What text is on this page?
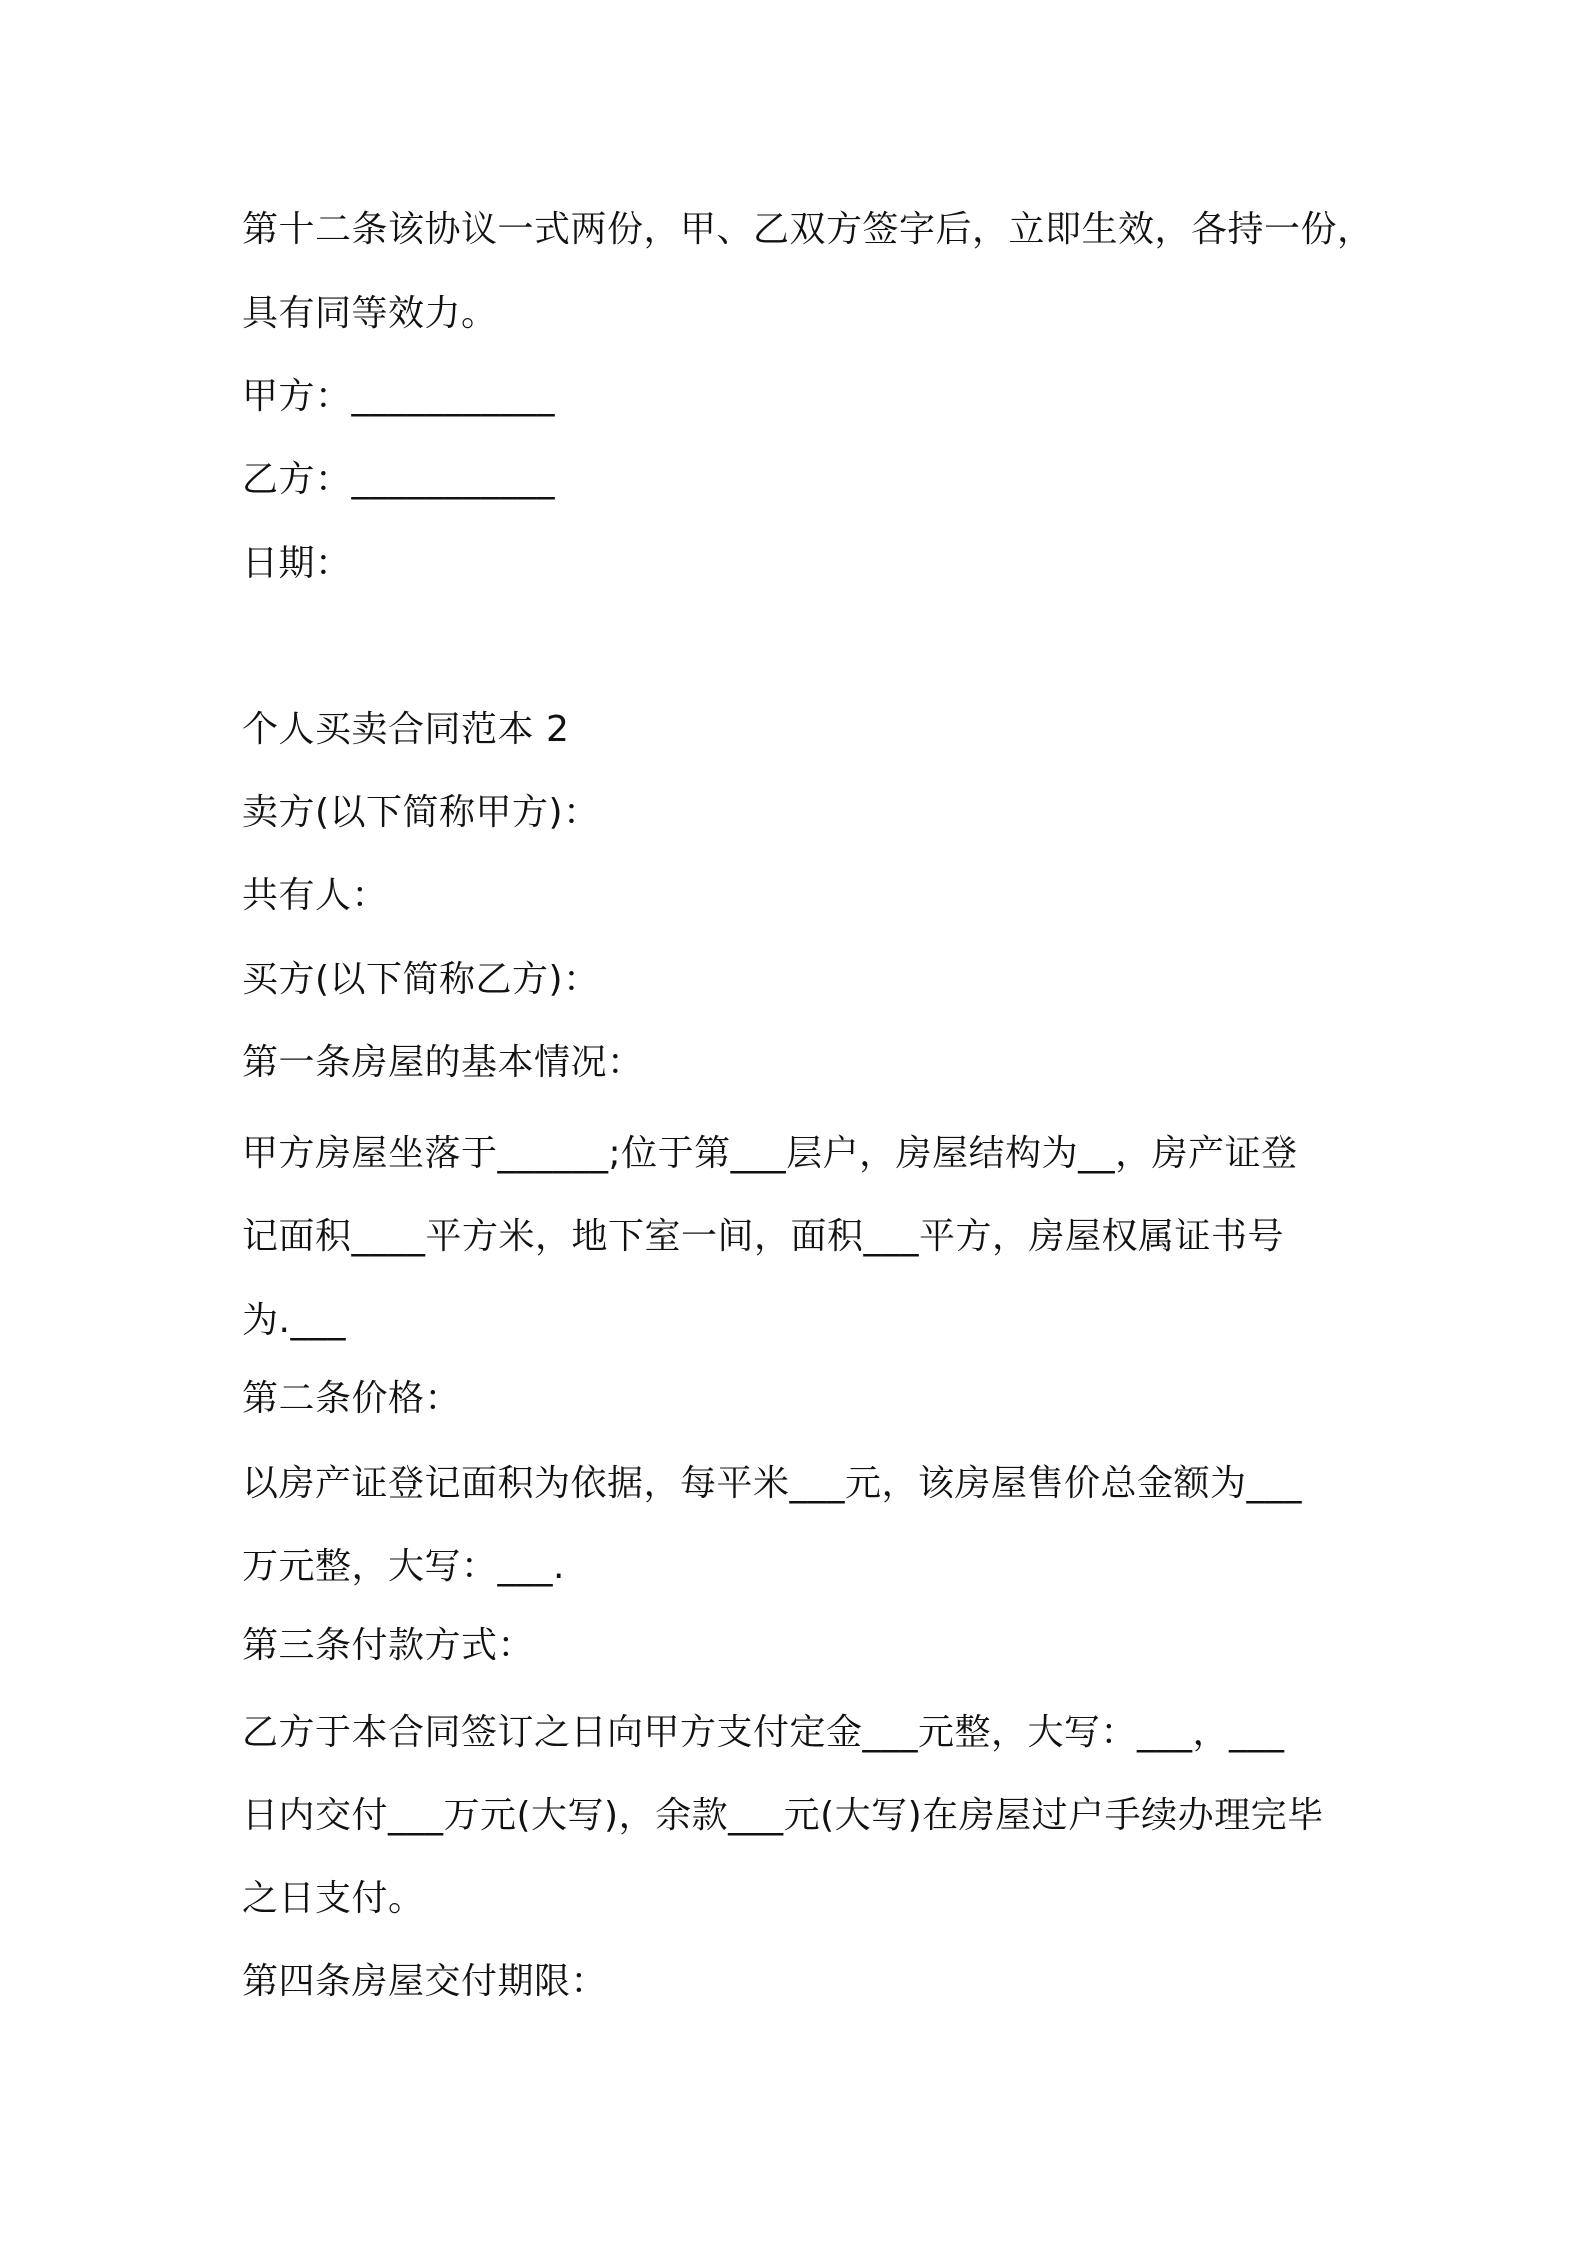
第十二条该协议一式两份，甲、乙双方签字后，立即生效，各持一份，
具有同等效力。
甲方：___________
乙方：___________
日期：
个人买卖合同范本 2
卖方(以下简称甲方)：
共有人：
买方(以下简称乙方)：
第一条房屋的基本情况：
甲方房屋坐落于______;位于第___层户，房屋结构为__，房产证登
记面积____平方米，地下室一间，面积___平方，房屋权属证书号
为.___
第二条价格：
以房产证登记面积为依据，每平米___元，该房屋售价总金额为___
万元整，大写：___.
第三条付款方式：
乙方于本合同签订之日向甲方支付定金___元整，大写：___，___
日内交付___万元(大写)，余款___元(大写)在房屋过户手续办理完毕
之日支付。
第四条房屋交付期限：
